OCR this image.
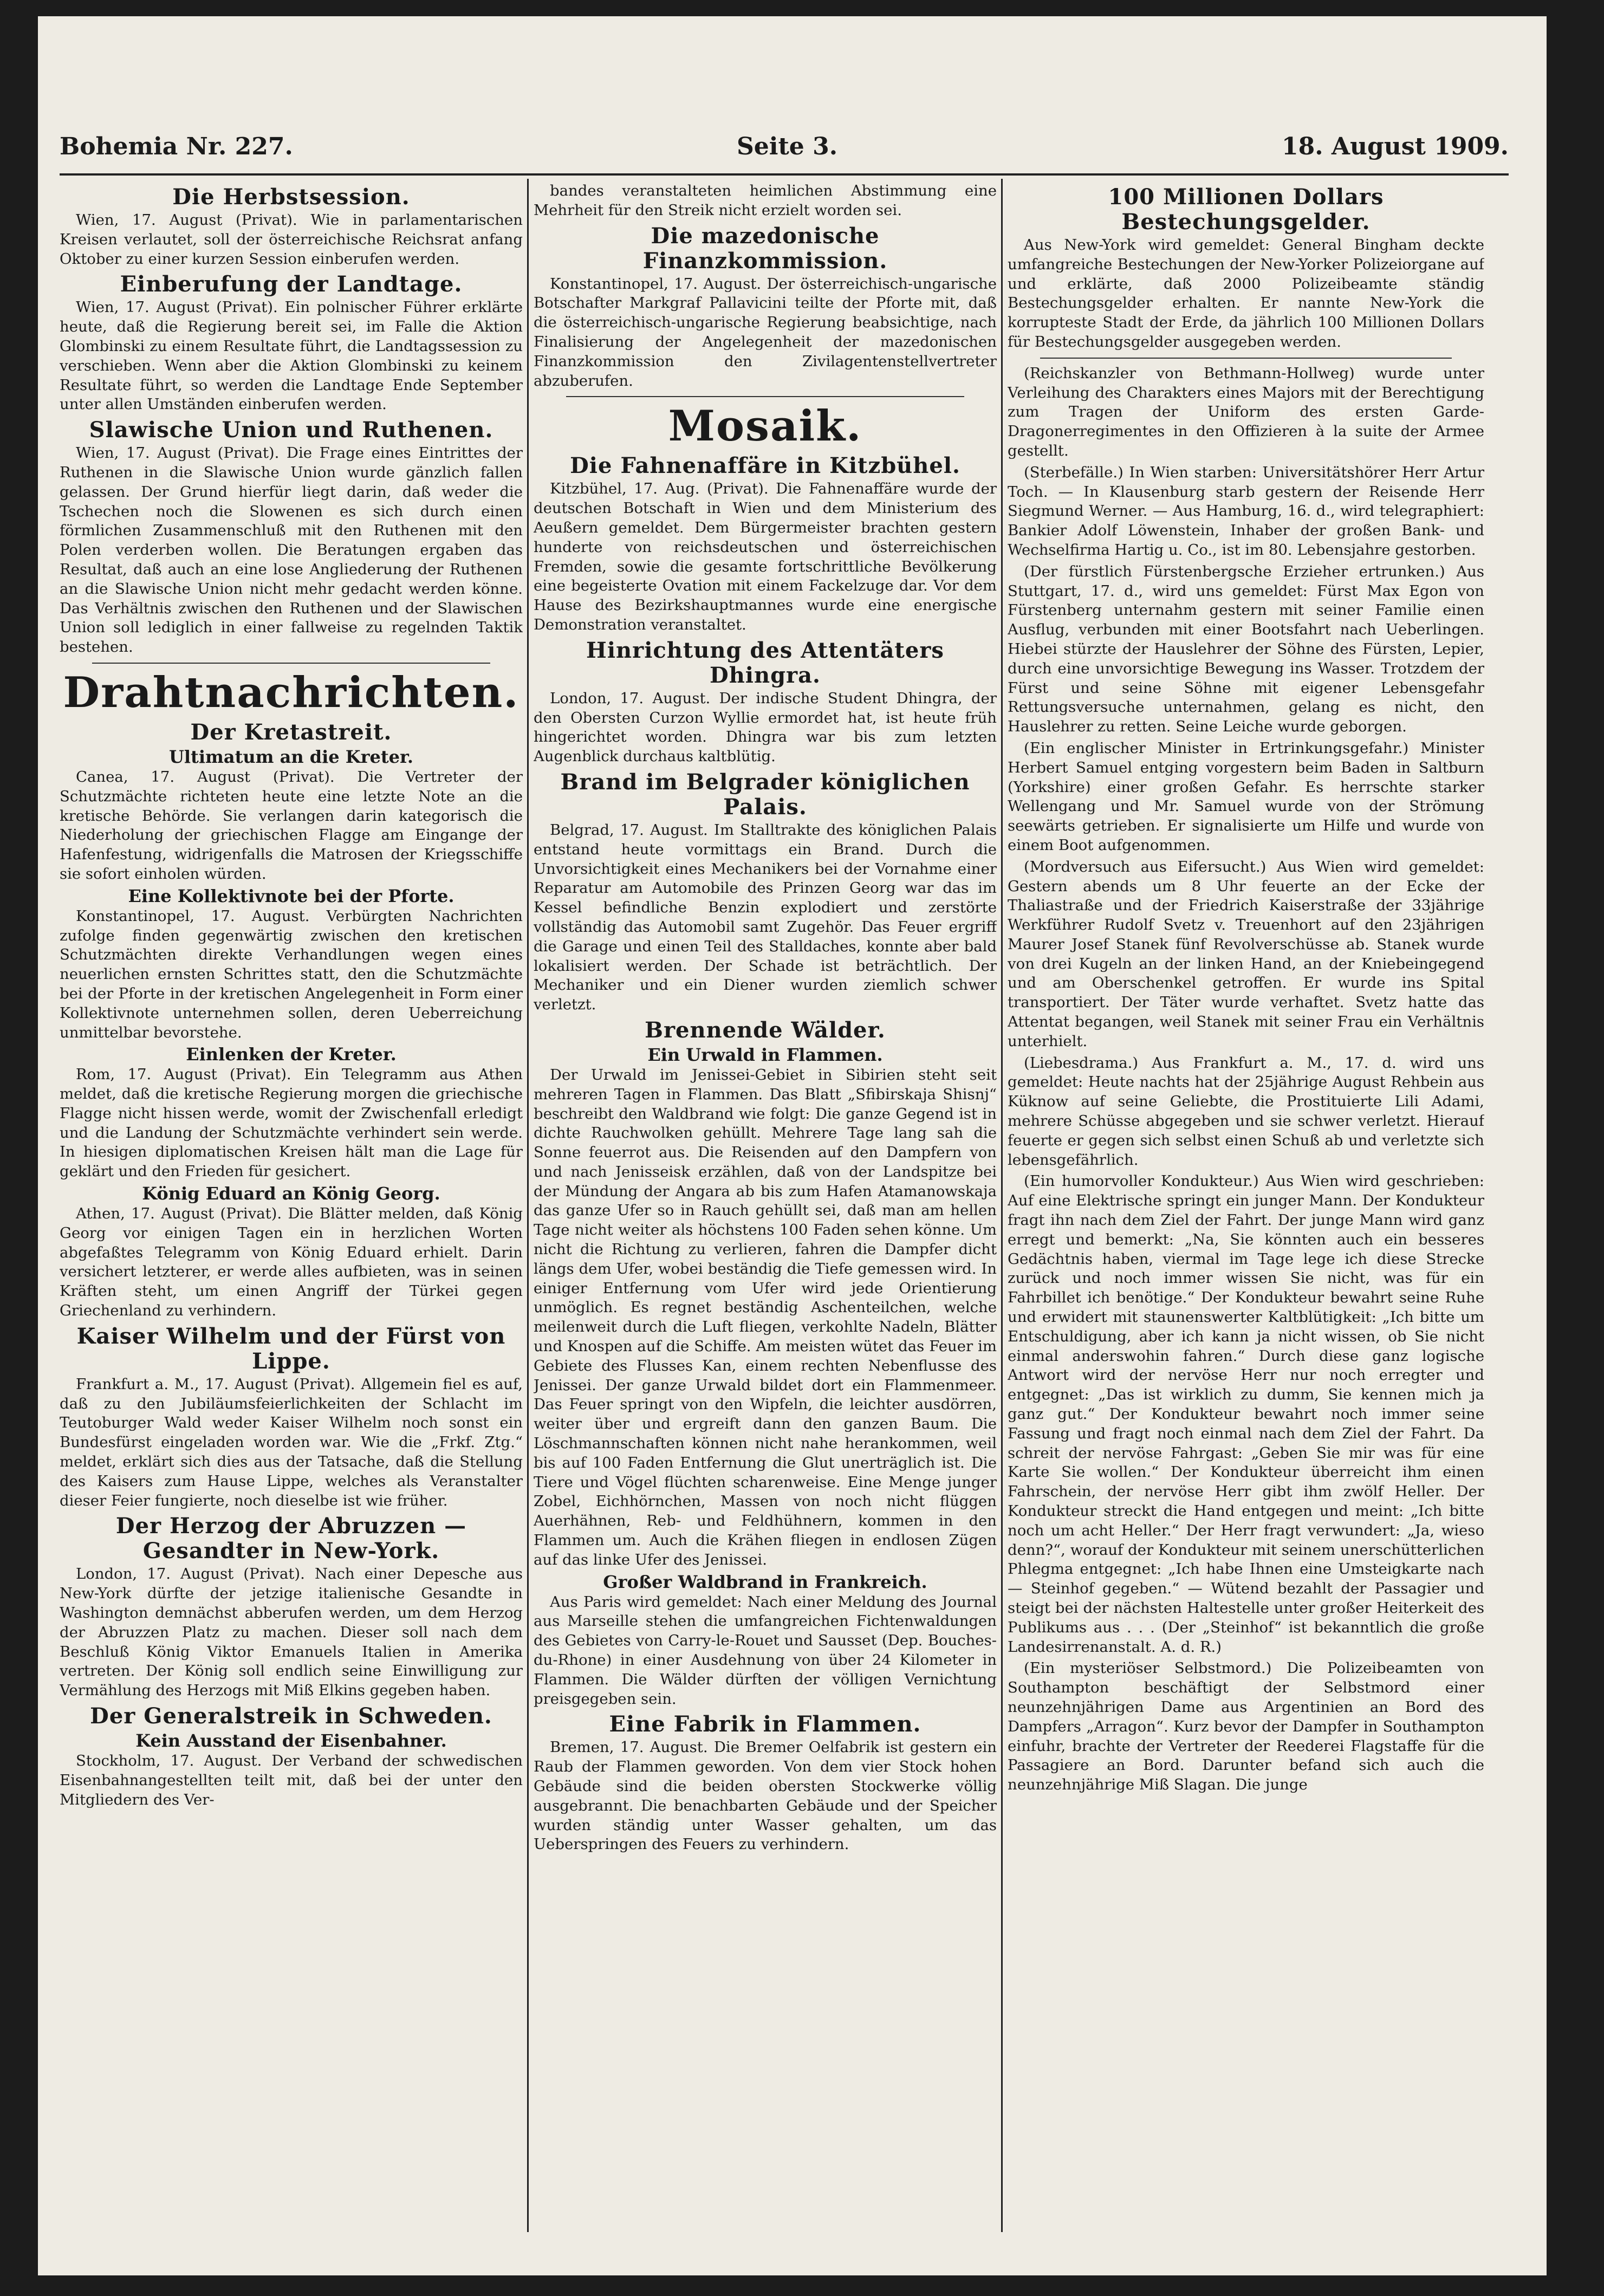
Bohemia Nr. 227.	Seite 3.	18. August 1909.
Die Herbstsession.

Wien, 17. August (Privat). Wie in parlamentarischen Kreisen verlautet, soll der österreichische Reichsrat anfang Oktober zu einer kurzen Session einberufen werden.

Einberufung der Landtage.

Wien, 17. August (Privat). Ein polnischer Führer erklärte heute, daß die Regierung bereit sei, im Falle die Aktion Glombinski zu einem Resultate führt, die Landtagssession zu verschieben. Wenn aber die Aktion Glombinski zu keinem Resultate führt, so werden die Landtage Ende September unter allen Umständen einberufen werden.

Slawische Union und Ruthenen.

Wien, 17. August (Privat). Die Frage eines Eintrittes der Ruthenen in die Slawische Union wurde gänzlich fallen gelassen. Der Grund hierfür liegt darin, daß weder die Tschechen noch die Slowenen es sich durch einen förmlichen Zusammenschluß mit den Ruthenen mit den Polen verderben wollen. Die Beratungen ergaben das Resultat, daß auch an eine lose Angliederung der Ruthenen an die Slawische Union nicht mehr gedacht werden könne. Das Verhältnis zwischen den Ruthenen und der Slawischen Union soll lediglich in einer fallweise zu regelnden Taktik bestehen.

Drahtnachrichten.
Der Kretastreit.
Ultimatum an die Kreter.

Canea, 17. August (Privat). Die Vertreter der Schutzmächte richteten heute eine letzte Note an die kretische Behörde. Sie verlangen darin kategorisch die Niederholung der griechischen Flagge am Eingange der Hafenfestung, widrigenfalls die Matrosen der Kriegsschiffe sie sofort einholen würden.

Eine Kollektivnote bei der Pforte.

Konstantinopel, 17. August. Verbürgten Nachrichten zufolge finden gegenwärtig zwischen den kretischen Schutzmächten direkte Verhandlungen wegen eines neuerlichen ernsten Schrittes statt, den die Schutzmächte bei der Pforte in der kretischen Angelegenheit in Form einer Kollektivnote unternehmen sollen, deren Ueberreichung unmittelbar bevorstehe.

Einlenken der Kreter.

Rom, 17. August (Privat). Ein Telegramm aus Athen meldet, daß die kretische Regierung morgen die griechische Flagge nicht hissen werde, womit der Zwischenfall erledigt und die Landung der Schutzmächte verhindert sein werde. In hiesigen diplomatischen Kreisen hält man die Lage für geklärt und den Frieden für gesichert.

König Eduard an König Georg.

Athen, 17. August (Privat). Die Blätter melden, daß König Georg vor einigen Tagen ein in herzlichen Worten abgefaßtes Telegramm von König Eduard erhielt. Darin versichert letzterer, er werde alles aufbieten, was in seinen Kräften steht, um einen Angriff der Türkei gegen Griechenland zu verhindern.

Kaiser Wilhelm und der Fürst von Lippe.

Frankfurt a. M., 17. August (Privat). Allgemein fiel es auf, daß zu den Jubiläumsfeierlichkeiten der Schlacht im Teutoburger Wald weder Kaiser Wilhelm noch sonst ein Bundesfürst eingeladen worden war. Wie die „Frkf. Ztg.“ meldet, erklärt sich dies aus der Tatsache, daß die Stellung des Kaisers zum Hause Lippe, welches als Veranstalter dieser Feier fungierte, noch dieselbe ist wie früher.

Der Herzog der Abruzzen — Gesandter in New-York.

London, 17. August (Privat). Nach einer Depesche aus New-York dürfte der jetzige italienische Gesandte in Washington demnächst abberufen werden, um dem Herzog der Abruzzen Platz zu machen. Dieser soll nach dem Beschluß König Viktor Emanuels Italien in Amerika vertreten. Der König soll endlich seine Einwilligung zur Vermählung des Herzogs mit Miß Elkins gegeben haben.

Der Generalstreik in Schweden.
Kein Ausstand der Eisenbahner.

Stockholm, 17. August. Der Verband der schwedischen Eisenbahnangestellten teilt mit, daß bei der unter den Mitgliedern des Ver-

bandes veranstalteten heimlichen Abstimmung eine Mehrheit für den Streik nicht erzielt worden sei.

Die mazedonische Finanzkommission.

Konstantinopel, 17. August. Der österreichisch-ungarische Botschafter Markgraf Pallavicini teilte der Pforte mit, daß die österreichisch-ungarische Regierung beabsichtige, nach Finalisierung der Angelegenheit der mazedonischen Finanzkommission den Zivilagentenstellvertreter abzuberufen.

Mosaik.
Die Fahnenaffäre in Kitzbühel.

Kitzbühel, 17. Aug. (Privat). Die Fahnenaffäre wurde der deutschen Botschaft in Wien und dem Ministerium des Aeußern gemeldet. Dem Bürgermeister brachten gestern hunderte von reichsdeutschen und österreichischen Fremden, sowie die gesamte fortschrittliche Bevölkerung eine begeisterte Ovation mit einem Fackelzuge dar. Vor dem Hause des Bezirkshauptmannes wurde eine energische Demonstration veranstaltet.

Hinrichtung des Attentäters Dhingra.

London, 17. August. Der indische Student Dhingra, der den Obersten Curzon Wyllie ermordet hat, ist heute früh hingerichtet worden. Dhingra war bis zum letzten Augenblick durchaus kaltblütig.

Brand im Belgrader königlichen Palais.

Belgrad, 17. August. Im Stalltrakte des königlichen Palais entstand heute vormittags ein Brand. Durch die Unvorsichtigkeit eines Mechanikers bei der Vornahme einer Reparatur am Automobile des Prinzen Georg war das im Kessel befindliche Benzin explodiert und zerstörte vollständig das Automobil samt Zugehör. Das Feuer ergriff die Garage und einen Teil des Stalldaches, konnte aber bald lokalisiert werden. Der Schade ist beträchtlich. Der Mechaniker und ein Diener wurden ziemlich schwer verletzt.

Brennende Wälder.
Ein Urwald in Flammen.

Der Urwald im Jenissei-Gebiet in Sibirien steht seit mehreren Tagen in Flammen. Das Blatt „Sfibirskaja Shisnj“ beschreibt den Waldbrand wie folgt: Die ganze Gegend ist in dichte Rauchwolken gehüllt. Mehrere Tage lang sah die Sonne feuerrot aus. Die Reisenden auf den Dampfern von und nach Jenisseisk erzählen, daß von der Landspitze bei der Mündung der Angara ab bis zum Hafen Atamanowskaja das ganze Ufer so in Rauch gehüllt sei, daß man am hellen Tage nicht weiter als höchstens 100 Faden sehen könne. Um nicht die Richtung zu verlieren, fahren die Dampfer dicht längs dem Ufer, wobei beständig die Tiefe gemessen wird. In einiger Entfernung vom Ufer wird jede Orientierung unmöglich. Es regnet beständig Aschenteilchen, welche meilenweit durch die Luft fliegen, verkohlte Nadeln, Blätter und Knospen auf die Schiffe. Am meisten wütet das Feuer im Gebiete des Flusses Kan, einem rechten Nebenflusse des Jenissei. Der ganze Urwald bildet dort ein Flammenmeer. Das Feuer springt von den Wipfeln, die leichter ausdörren, weiter über und ergreift dann den ganzen Baum. Die Löschmannschaften können nicht nahe herankommen, weil bis auf 100 Faden Entfernung die Glut unerträglich ist. Die Tiere und Vögel flüchten scharenweise. Eine Menge junger Zobel, Eichhörnchen, Massen von noch nicht flüggen Auerhähnen, Reb- und Feldhühnern, kommen in den Flammen um. Auch die Krähen fliegen in endlosen Zügen auf das linke Ufer des Jenissei.

Großer Waldbrand in Frankreich.

Aus Paris wird gemeldet: Nach einer Meldung des Journal aus Marseille stehen die umfangreichen Fichtenwaldungen des Gebietes von Carry-le-Rouet und Sausset (Dep. Bouches-du-Rhone) in einer Ausdehnung von über 24 Kilometer in Flammen. Die Wälder dürften der völligen Vernichtung preisgegeben sein.

Eine Fabrik in Flammen.

Bremen, 17. August. Die Bremer Oelfabrik ist gestern ein Raub der Flammen geworden. Von dem vier Stock hohen Gebäude sind die beiden obersten Stockwerke völlig ausgebrannt. Die benachbarten Gebäude und der Speicher wurden ständig unter Wasser gehalten, um das Ueberspringen des Feuers zu verhindern.

100 Millionen Dollars Bestechungsgelder.

Aus New-York wird gemeldet: General Bingham deckte umfangreiche Bestechungen der New-Yorker Polizeiorgane auf und erklärte, daß 2000 Polizeibeamte ständig Bestechungsgelder erhalten. Er nannte New-York die korrupteste Stadt der Erde, da jährlich 100 Millionen Dollars für Bestechungsgelder ausgegeben werden.

(Reichskanzler von Bethmann-Hollweg) wurde unter Verleihung des Charakters eines Majors mit der Berechtigung zum Tragen der Uniform des ersten Garde-Dragonerregimentes in den Offizieren à la suite der Armee gestellt.

(Sterbefälle.) In Wien starben: Universitätshörer Herr Artur Toch. — In Klausenburg starb gestern der Reisende Herr Siegmund Werner. — Aus Hamburg, 16. d., wird telegraphiert: Bankier Adolf Löwenstein, Inhaber der großen Bank- und Wechselfirma Hartig u. Co., ist im 80. Lebensjahre gestorben.

(Der fürstlich Fürstenbergsche Erzieher ertrunken.) Aus Stuttgart, 17. d., wird uns gemeldet: Fürst Max Egon von Fürstenberg unternahm gestern mit seiner Familie einen Ausflug, verbunden mit einer Bootsfahrt nach Ueberlingen. Hiebei stürzte der Hauslehrer der Söhne des Fürsten, Lepier, durch eine unvorsichtige Bewegung ins Wasser. Trotzdem der Fürst und seine Söhne mit eigener Lebensgefahr Rettungsversuche unternahmen, gelang es nicht, den Hauslehrer zu retten. Seine Leiche wurde geborgen.

(Ein englischer Minister in Ertrinkungsgefahr.) Minister Herbert Samuel entging vorgestern beim Baden in Saltburn (Yorkshire) einer großen Gefahr. Es herrschte starker Wellengang und Mr. Samuel wurde von der Strömung seewärts getrieben. Er signalisierte um Hilfe und wurde von einem Boot aufgenommen.

(Mordversuch aus Eifersucht.) Aus Wien wird gemeldet: Gestern abends um 8 Uhr feuerte an der Ecke der Thaliastraße und der Friedrich Kaiserstraße der 33jährige Werkführer Rudolf Svetz v. Treuenhort auf den 23jährigen Maurer Josef Stanek fünf Revolverschüsse ab. Stanek wurde von drei Kugeln an der linken Hand, an der Kniebeingegend und am Oberschenkel getroffen. Er wurde ins Spital transportiert. Der Täter wurde verhaftet. Svetz hatte das Attentat begangen, weil Stanek mit seiner Frau ein Verhältnis unterhielt.

(Liebesdrama.) Aus Frankfurt a. M., 17. d. wird uns gemeldet: Heute nachts hat der 25jährige August Rehbein aus Küknow auf seine Geliebte, die Prostituierte Lili Adami, mehrere Schüsse abgegeben und sie schwer verletzt. Hierauf feuerte er gegen sich selbst einen Schuß ab und verletzte sich lebensgefährlich.

(Ein humorvoller Kondukteur.) Aus Wien wird geschrieben: Auf eine Elektrische springt ein junger Mann. Der Kondukteur fragt ihn nach dem Ziel der Fahrt. Der junge Mann wird ganz erregt und bemerkt: „Na, Sie könnten auch ein besseres Gedächtnis haben, viermal im Tage lege ich diese Strecke zurück und noch immer wissen Sie nicht, was für ein Fahrbillet ich benötige.“ Der Kondukteur bewahrt seine Ruhe und erwidert mit staunenswerter Kaltblütigkeit: „Ich bitte um Entschuldigung, aber ich kann ja nicht wissen, ob Sie nicht einmal anderswohin fahren.“ Durch diese ganz logische Antwort wird der nervöse Herr nur noch erregter und entgegnet: „Das ist wirklich zu dumm, Sie kennen mich ja ganz gut.“ Der Kondukteur bewahrt noch immer seine Fassung und fragt noch einmal nach dem Ziel der Fahrt. Da schreit der nervöse Fahrgast: „Geben Sie mir was für eine Karte Sie wollen.“ Der Kondukteur überreicht ihm einen Fahrschein, der nervöse Herr gibt ihm zwölf Heller. Der Kondukteur streckt die Hand entgegen und meint: „Ich bitte noch um acht Heller.“ Der Herr fragt verwundert: „Ja, wieso denn?“, worauf der Kondukteur mit seinem unerschütterlichen Phlegma entgegnet: „Ich habe Ihnen eine Umsteigkarte nach — Steinhof gegeben.“ — Wütend bezahlt der Passagier und steigt bei der nächsten Haltestelle unter großer Heiterkeit des Publikums aus . . . (Der „Steinhof“ ist bekanntlich die große Landesirrenanstalt. A. d. R.)

(Ein mysteriöser Selbstmord.) Die Polizeibeamten von Southampton beschäftigt der Selbstmord einer neunzehnjährigen Dame aus Argentinien an Bord des Dampfers „Arragon“. Kurz bevor der Dampfer in Southampton einfuhr, brachte der Vertreter der Reederei Flagstaffe für die Passagiere an Bord. Darunter befand sich auch die neunzehnjährige Miß Slagan. Die junge
